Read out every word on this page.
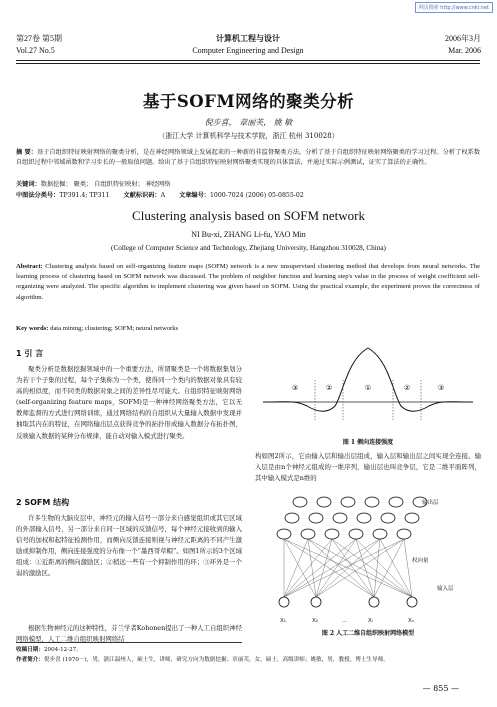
网页搜索 http://www.cnki.net
第27卷 第5期	计算机工程与设计	2006年3月
Vol.27 No.5	Computer Engineering and Design	Mar. 2006
基于SOFM网络的聚类分析
倪步喜， 章丽芙， 姚 敏
（浙江大学 计算机科学与技术学院，浙江 杭州 310028）
摘 要：基于自组织特征映射网络的聚类分析，是在神经网络领域上发展起来的一种新的非监督聚类方法。分析了基于自组织特征映射网络聚类的学习过程。分析了权系数自组织过程中邻域函数和学习步长的一般取值问题。给出了基于自组织特征映射网络聚类实现的具体算法，并通过实际示例测试，证实了算法的正确性。
关键词：数据挖掘； 聚类； 自组织特征映射； 神经网络
中图法分类号：TP391.4; TP311 文献标识码：A 文章编号：1000-7024 (2006) 05-0855-02
Clustering analysis based on SOFM network
NI Bu-xi, ZHANG Li-fu, YAO Min
(College of Computer Science and Technology, Zhejiang University, Hangzhou 310028, China)
Abstract: Clustering analysis based on self-organizing feature maps (SOFM) network is a new unsupervised clustering method that develops from neural networks. The learning process of clustering based on SOFM network was discussed. The problem of neighbor function and learning step's value in the process of weight coefficient self-organizing were analyzed. The specific algorithm to implement clustering was given based on SOFM. Using the practical example, the experiment proves the correctness of algorithm.
Key words: data mining; clustering; SOFM; neural networks
1 引 言
聚类分析是数据挖掘领域中的一个重要方法，所谓聚类是一个将数据集划分为若干个子集的过程，每个子集称为一个类，使得同一个类内的数据对象具有较高的相似度，而不同类的数据对象之间的差异性尽可能大。自组织特征映射网络(self-organizing feature maps，SOFM)是一种神经网络聚类方法，它以无教师监督的方式进行网络训练，通过网络结构的自组织从大量输入数据中发现并抽取其内在的特征，在网络输出层点获得竞争的拓扑形成输入数据分布拓扑图，反映输入数据的某种分布规律，能自动对输入模式进行聚类。
2 SOFM 结构
许多生物的大脑皮层中，神经元的输入信号一部分来自感觉组织或其它区域的外部输入信号，另一部分来自同一区域的反馈信号，每个神经元接收到的输入信号的加权和起特征检测作用，而侧向反馈连接则视与神经元距离的不同产生激励或抑制作用，侧向连接强度的分布像一个“墨西哥草帽”。如图1所示的3个区域组成：①近距离的侧向激励区；②稍远一些有一个抑制作用的环；③环外是一个弱的激励区。
根据生物神经元的这种特性，芬兰学者Kohonen提出了一种人工自组织神经网络模型，人工二维自组织映射网络结
③	②	①	②	③
图 1 侧向连接强度
构如图2所示，它由输入层和输出层组成，输入层和输出层之间实现全连接。输入层是由n个神经元组成的一维序列，输出层也叫竞争层，它是二维平面阵列，其中输入模式是n维的
输出层
权向量
输入层
X₁	X₂	…	Xᵢ	Xₙ
图 2 人工二维自组织映射网络模型
收稿日期：2004-12-27。
作者简介：倪步喜 (1970－)，男，浙江温州人，硕士生，讲师，研究方向为数据挖掘；章丽芙，女，硕士，高级讲师；姚敏，男，教授，博士生导师。
— 855 —
